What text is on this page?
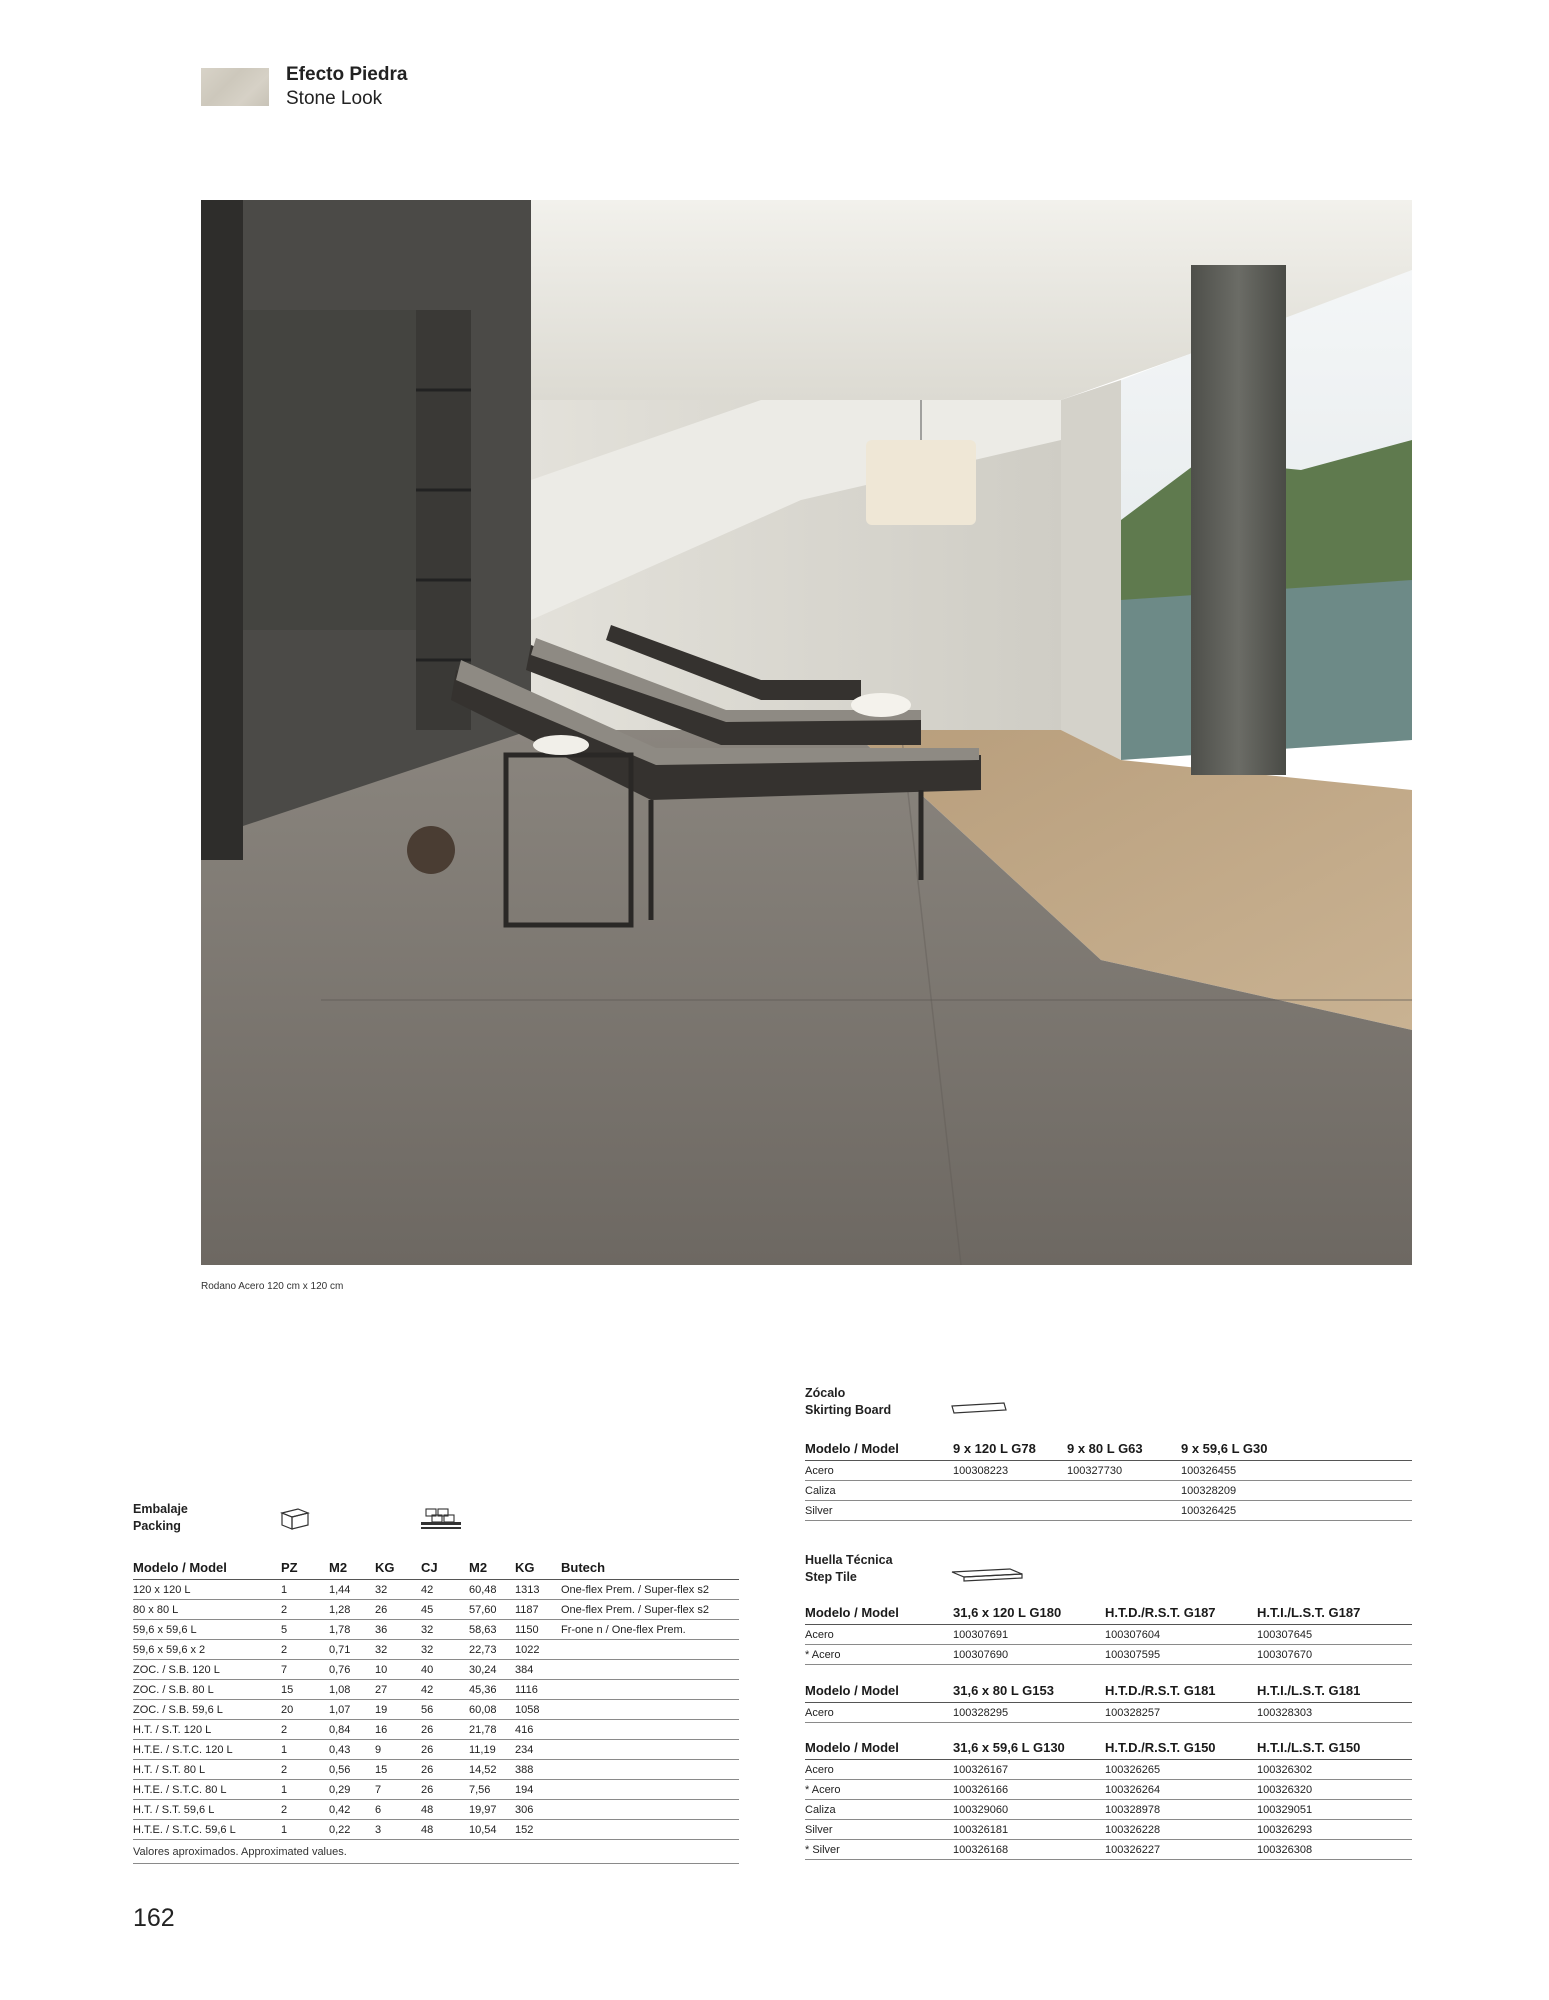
Efecto Piedra
Stone Look
Rodano Acero 120 cm x 120 cm
Embalaje
Packing
Modelo / Model	PZ	M2	KG	CJ	M2	KG	Butech
120 x 120 L	1	1,44	32	42	60,48	1313	One-flex Prem. / Super-flex s2
80 x 80 L	2	1,28	26	45	57,60	1187	One-flex Prem. / Super-flex s2
59,6 x 59,6 L	5	1,78	36	32	58,63	1150	Fr-one n / One-flex Prem.
59,6 x 59,6 x 2	2	0,71	32	32	22,73	1022	
ZOC. / S.B. 120 L	7	0,76	10	40	30,24	384	
ZOC. / S.B. 80 L	15	1,08	27	42	45,36	1116	
ZOC. / S.B. 59,6 L	20	1,07	19	56	60,08	1058	
H.T. / S.T. 120 L	2	0,84	16	26	21,78	416	
H.T.E. / S.T.C. 120 L	1	0,43	9	26	11,19	234	
H.T. / S.T. 80 L	2	0,56	15	26	14,52	388	
H.T.E. / S.T.C. 80 L	1	0,29	7	26	7,56	194	
H.T. / S.T. 59,6 L	2	0,42	6	48	19,97	306	
H.T.E. / S.T.C. 59,6 L	1	0,22	3	48	10,54	152	
Valores aproximados. Approximated values.
Zócalo
Skirting Board
Modelo / Model	9 x 120 L G78	9 x 80 L G63	9 x 59,6 L G30
Acero	100308223	100327730	100326455
Caliza			100328209
Silver			100326425
Huella Técnica
Step Tile
Modelo / Model	31,6 x 120 L G180	H.T.D./R.S.T. G187	H.T.I./L.S.T. G187
Acero	100307691	100307604	100307645
* Acero	100307690	100307595	100307670
Modelo / Model	31,6 x 80 L G153	H.T.D./R.S.T. G181	H.T.I./L.S.T. G181
Acero	100328295	100328257	100328303
Modelo / Model	31,6 x 59,6 L G130	H.T.D./R.S.T. G150	H.T.I./L.S.T. G150
Acero	100326167	100326265	100326302
* Acero	100326166	100326264	100326320
Caliza	100329060	100328978	100329051
Silver	100326181	100326228	100326293
* Silver	100326168	100326227	100326308
162
